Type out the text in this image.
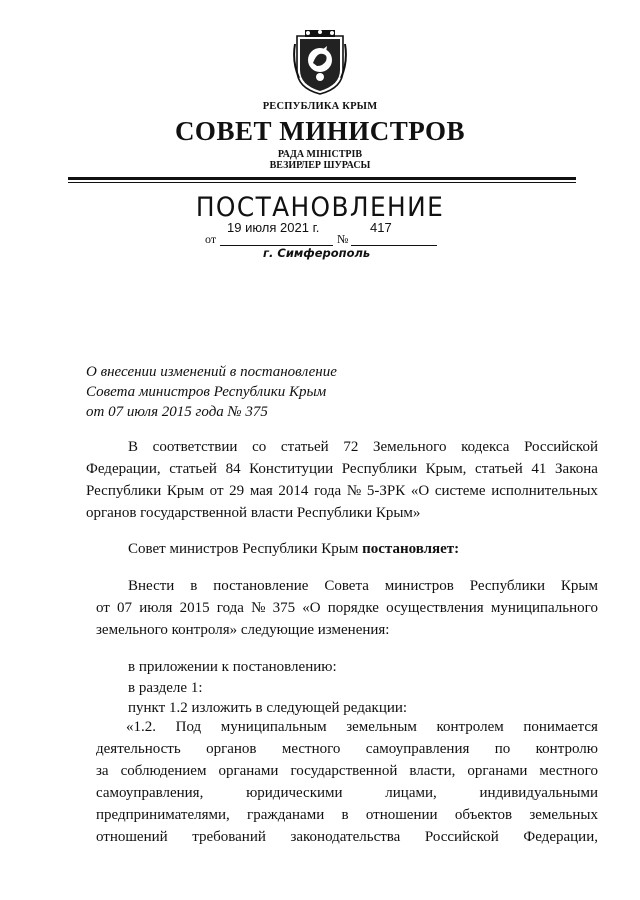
РЕСПУБЛИКА КРЫМ
СОВЕТ МИНИСТРОВ
РАДА МІНІСТРІВ
ВЕЗИРЛЕР ШУРАСЫ
ПОСТАНОВЛЕНИЕ
от
19 июля 2021 г.
№
417
г. Симферополь
О внесении изменений в постановление
Совета министров Республики Крым
от 07 июля 2015 года № 375
В соответствии со статьей 72 Земельного кодекса Российской
Федерации, статьей 84 Конституции Республики Крым, статьей 41 Закона
Республики Крым от 29 мая 2014 года № 5-ЗРК «О системе исполнительных
органов государственной власти Республики Крым»
Совет министров Республики Крым постановляет:
Внести в постановление Совета министров Республики Крым
от 07 июля 2015 года № 375 «О порядке осуществления муниципального
земельного контроля» следующие изменения:
в приложении к постановлению:
в разделе 1:
пункт 1.2 изложить в следующей редакции:
«1.2. Под муниципальным земельным контролем понимается
деятельность органов местного самоуправления по контролю
за соблюдением органами государственной власти, органами местного
самоуправления,	юридическими	лицами,	индивидуальными
предпринимателями, гражданами в отношении объектов земельных
отношений требований законодательства Российской Федерации,
